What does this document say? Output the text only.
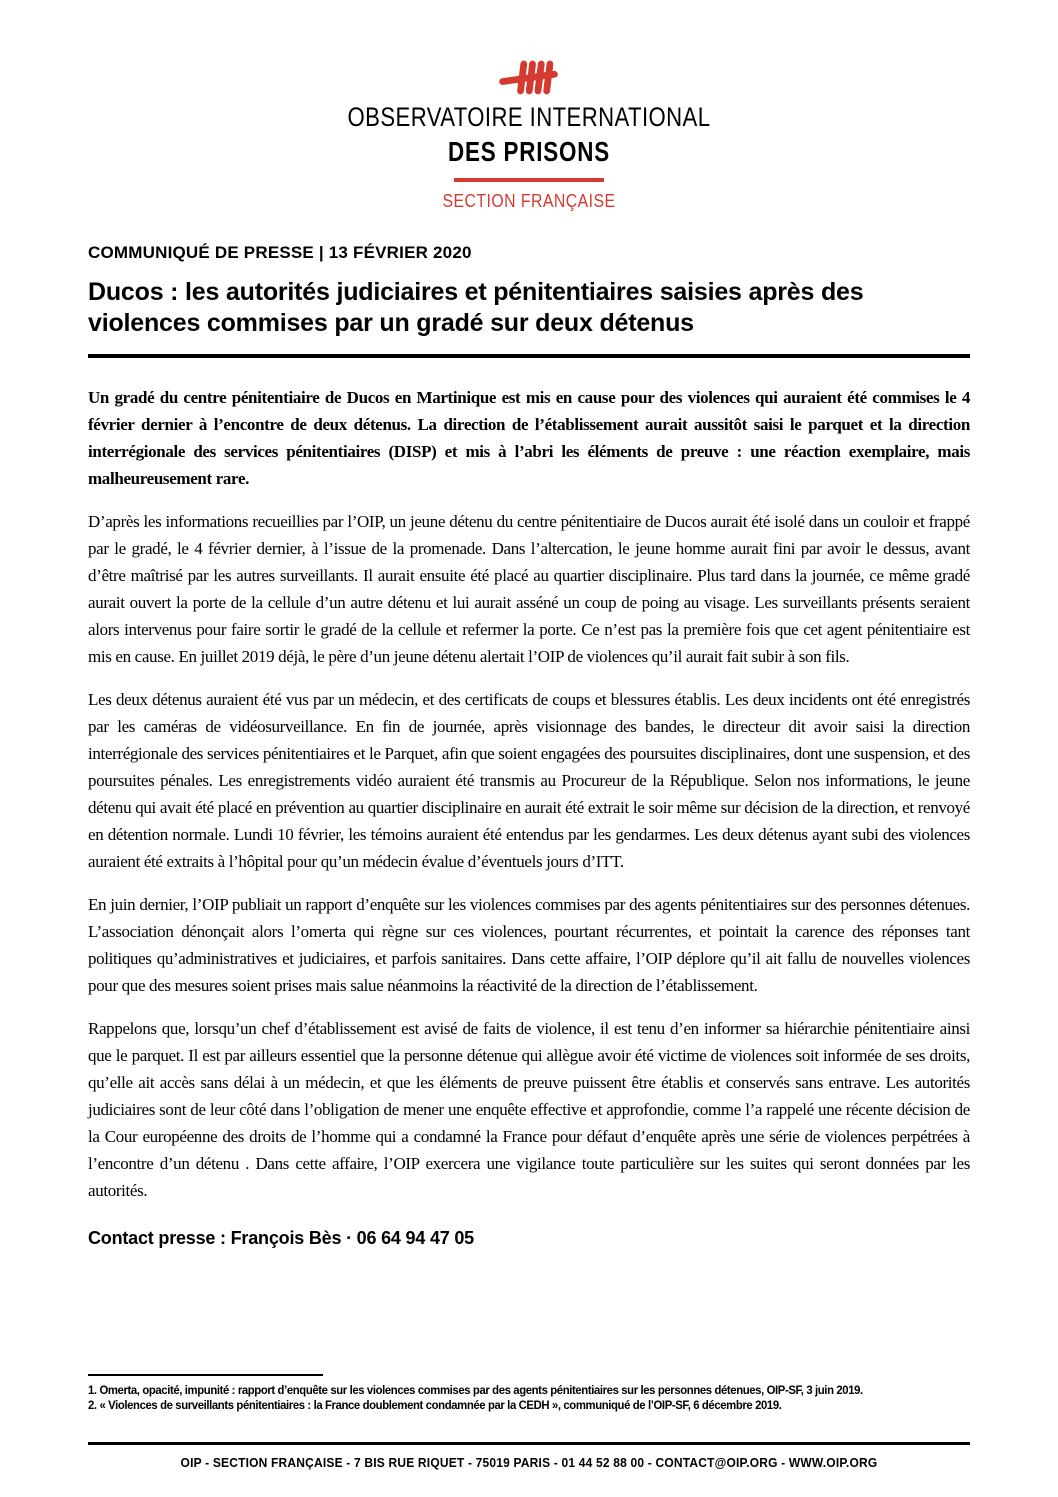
OBSERVATOIRE INTERNATIONAL
DES PRISONS
SECTION FRANÇAISE
COMMUNIQUÉ DE PRESSE | 13 FÉVRIER 2020
Ducos : les autorités judiciaires et pénitentiaires saisies après des violences commises par un gradé sur deux détenus

Un gradé du centre pénitentiaire de Ducos en Martinique est mis en cause pour des violences qui auraient été commises le 4 février dernier à l’encontre de deux détenus. La direction de l’établissement aurait aussitôt saisi le parquet et la direction interrégionale des services pénitentiaires (DISP) et mis à l’abri les éléments de preuve : une réaction exemplaire, mais malheureusement rare.

D’après les informations recueillies par l’OIP, un jeune détenu du centre pénitentiaire de Ducos aurait été isolé dans un couloir et frappé par le gradé, le 4 février dernier, à l’issue de la promenade. Dans l’altercation, le jeune homme aurait fini par avoir le dessus, avant d’être maîtrisé par les autres surveillants. Il aurait ensuite été placé au quartier disciplinaire. Plus tard dans la journée, ce même gradé aurait ouvert la porte de la cellule d’un autre détenu et lui aurait asséné un coup de poing au visage. Les surveillants présents seraient alors intervenus pour faire sortir le gradé de la cellule et refermer la porte. Ce n’est pas la première fois que cet agent pénitentiaire est mis en cause. En juillet 2019 déjà, le père d’un jeune détenu alertait l’OIP de violences qu’il aurait fait subir à son fils.

Les deux détenus auraient été vus par un médecin, et des certificats de coups et blessures établis. Les deux incidents ont été enregistrés par les caméras de vidéosurveillance. En fin de journée, après visionnage des bandes, le directeur dit avoir saisi la direction interrégionale des services pénitentiaires et le Parquet, afin que soient engagées des poursuites disciplinaires, dont une suspension, et des poursuites pénales. Les enregistrements vidéo auraient été transmis au Procureur de la République. Selon nos informations, le jeune détenu qui avait été placé en prévention au quartier disciplinaire en aurait été extrait le soir même sur décision de la direction, et renvoyé en détention normale. Lundi 10 février, les témoins auraient été entendus par les gendarmes. Les deux détenus ayant subi des violences auraient été extraits à l’hôpital pour qu’un médecin évalue d’éventuels jours d’ITT.

En juin dernier, l’OIP publiait un rapport d’enquête sur les violences commises par des agents pénitentiaires sur des personnes détenues. L’association dénonçait alors l’omerta qui règne sur ces violences, pourtant récurrentes, et pointait la carence des réponses tant politiques qu’administratives et judiciaires, et parfois sanitaires. Dans cette affaire, l’OIP déplore qu’il ait fallu de nouvelles violences pour que des mesures soient prises mais salue néanmoins la réactivité de la direction de l’établissement.

Rappelons que, lorsqu’un chef d’établissement est avisé de faits de violence, il est tenu d’en informer sa hiérarchie pénitentiaire ainsi que le parquet. Il est par ailleurs essentiel que la personne détenue qui allègue avoir été victime de violences soit informée de ses droits, qu’elle ait accès sans délai à un médecin, et que les éléments de preuve puissent être établis et conservés sans entrave. Les autorités judiciaires sont de leur côté dans l’obligation de mener une enquête effective et approfondie, comme l’a rappelé une récente décision de la Cour européenne des droits de l’homme qui a condamné la France pour défaut d’enquête après une série de violences perpétrées à l’encontre d’un détenu . Dans cette affaire, l’OIP exercera une vigilance toute particulière sur les suites qui seront données par les autorités.

Contact presse : François Bès · 06 64 94 47 05
1. Omerta, opacité, impunité : rapport d’enquête sur les violences commises par des agents pénitentiaires sur les personnes détenues, OIP-SF, 3 juin 2019.
2. « Violences de surveillants pénitentiaires : la France doublement condamnée par la CEDH », communiqué de l’OIP-SF, 6 décembre 2019.
OIP - SECTION FRANÇAISE - 7 BIS RUE RIQUET - 75019 PARIS - 01 44 52 88 00 - CONTACT@OIP.ORG - WWW.OIP.ORG
